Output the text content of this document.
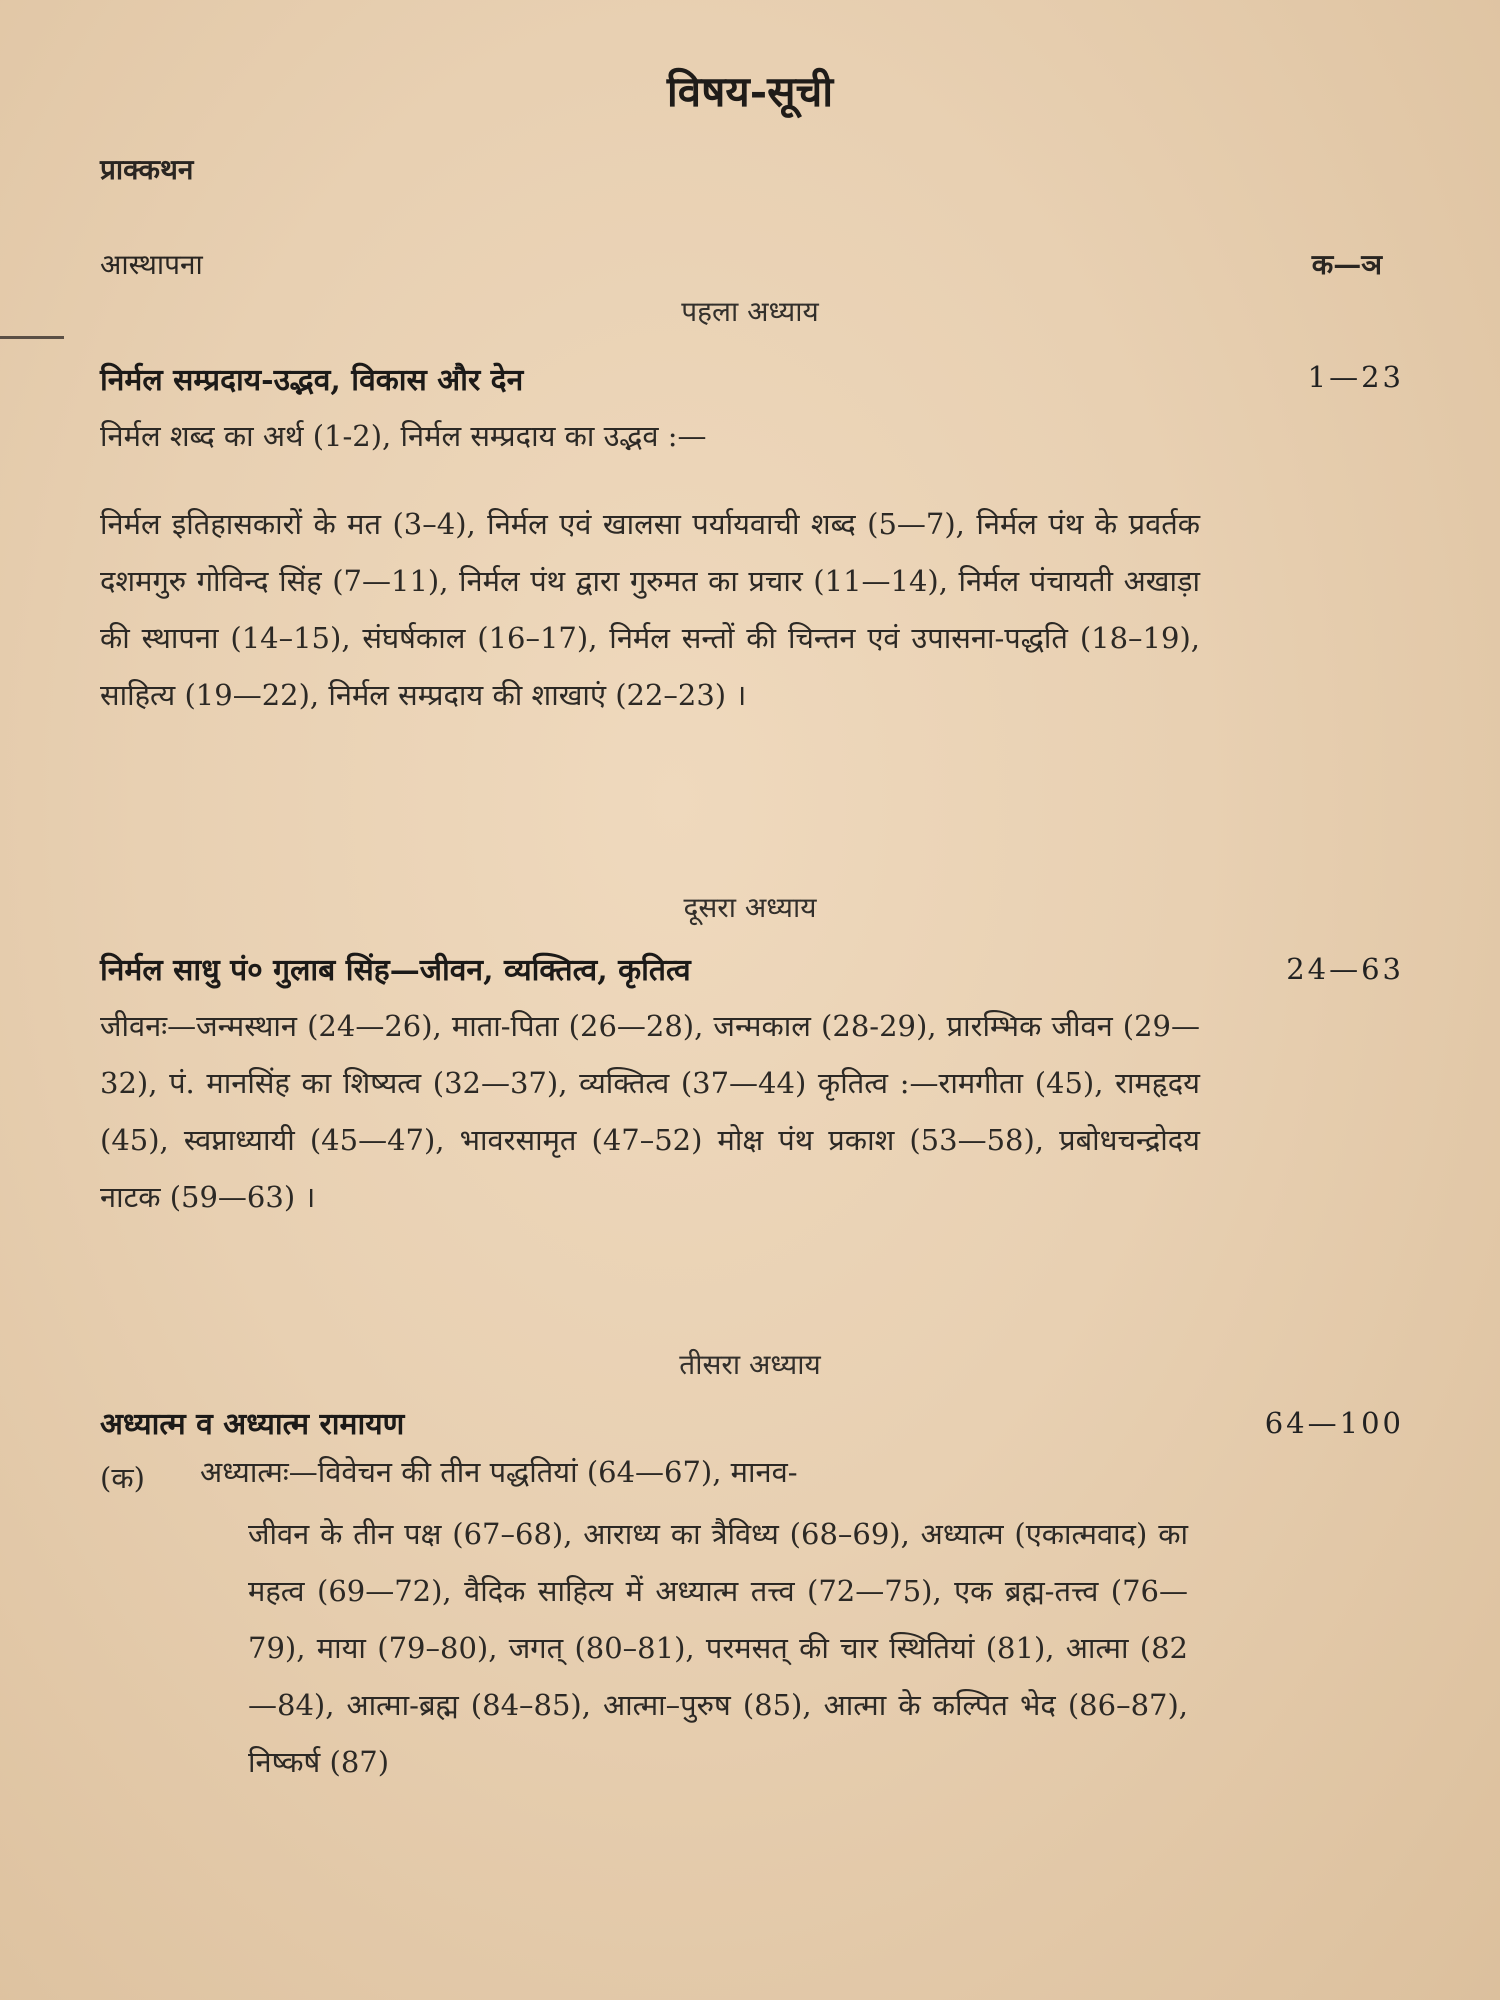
विषय-सूची
प्राक्कथन
आस्थापना	क—ञ
पहला अध्याय
निर्मल सम्प्रदाय-उद्भव, विकास और देन	1—23
निर्मल शब्द का अर्थ (1-2), निर्मल सम्प्रदाय का उद्भव :—
निर्मल इतिहासकारों के मत (3–4), निर्मल एवं खालसा पर्यायवाची शब्द (5—7), निर्मल पंथ के प्रवर्तक दशमगुरु गोविन्द सिंह (7—11), निर्मल पंथ द्वारा गुरुमत का प्रचार (11—14), निर्मल पंचायती अखाड़ा की स्थापना (14–15), संघर्षकाल (16–17), निर्मल सन्तों की चिन्तन एवं उपासना-पद्धति (18–19), साहित्य (19—22), निर्मल सम्प्रदाय की शाखाएं (22–23) ।
दूसरा अध्याय
निर्मल साधु पं० गुलाब सिंह—जीवन, व्यक्तित्व, कृतित्व	24—63
जीवनः—जन्मस्थान (24—26), माता-पिता (26—28), जन्मकाल (28-29), प्रारम्भिक जीवन (29—32), पं. मानसिंह का शिष्यत्व (32—37), व्यक्तित्व (37—44) कृतित्व :—रामगीता (45), रामहृदय (45), स्वप्नाध्यायी (45—47), भावरसामृत (47–52) मोक्ष पंथ प्रकाश (53—58), प्रबोधचन्द्रोदय नाटक (59—63) ।
तीसरा अध्याय
अध्यात्म व अध्यात्म रामायण	64—100
(क) अध्यात्मः—विवेचन की तीन पद्धतियां (64—67), मानव-
जीवन के तीन पक्ष (67–68), आराध्य का त्रैविध्य (68–69), अध्यात्म (एकात्मवाद) का महत्व (69—72), वैदिक साहित्य में अध्यात्म तत्त्व (72—75), एक ब्रह्म-तत्त्व (76—79), माया (79–80), जगत् (80–81), परमसत् की चार स्थितियां (81), आत्मा (82—84), आत्मा-ब्रह्म (84–85), आत्मा–पुरुष (85), आत्मा के कल्पित भेद (86–87), निष्कर्ष (87)
